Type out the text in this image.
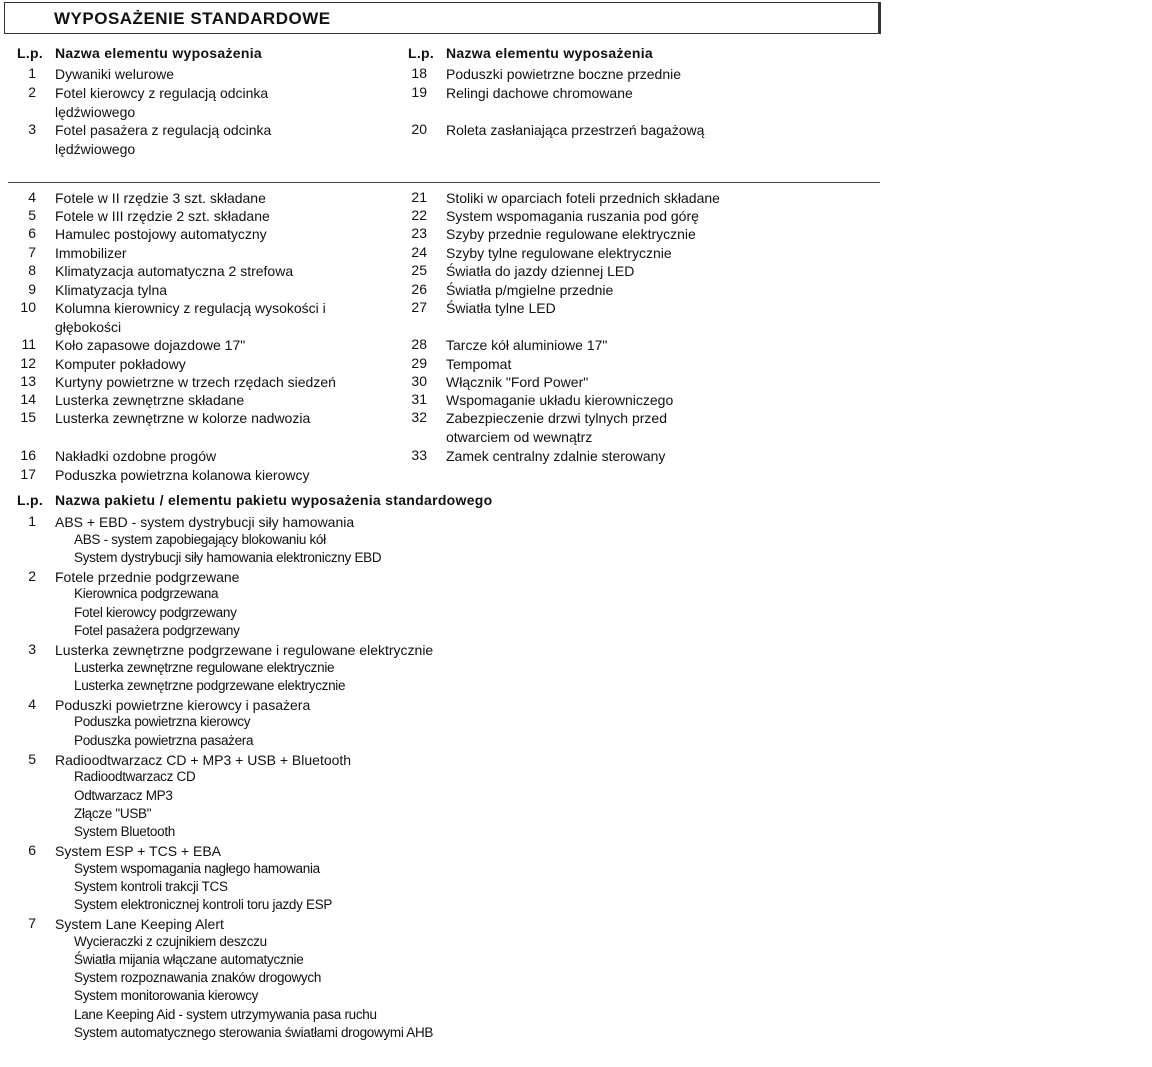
WYPOSAŻENIE STANDARDOWE
L.p. Nazwa elementu wyposażenia	L.p. Nazwa elementu wyposażenia
1 Dywaniki welurowe
2 Fotel kierowcy z regulacją odcinka lędźwiowego
3 Fotel pasażera z regulacją odcinka lędźwiowego
4 Fotele w II rzędzie 3 szt. składane
5 Fotele w III rzędzie 2 szt. składane
6 Hamulec postojowy automatyczny
7 Immobilizer
8 Klimatyzacja automatyczna 2 strefowa
9 Klimatyzacja tylna
10 Kolumna kierownicy z regulacją wysokości i głębokości
11 Koło zapasowe dojazdowe 17"
12 Komputer pokładowy
13 Kurtyny powietrzne w trzech rzędach siedzeń
14 Lusterka zewnętrzne składane
15 Lusterka zewnętrzne w kolorze nadwozia
16 Nakładki ozdobne progów
17 Poduszka powietrzna kolanowa kierowcy
18 Poduszki powietrzne boczne przednie
19 Relingi dachowe chromowane
20 Roleta zasłaniająca przestrzeń bagażową
21 Stoliki w oparciach foteli przednich składane
22 System wspomagania ruszania pod górę
23 Szyby przednie regulowane elektrycznie
24 Szyby tylne regulowane elektrycznie
25 Światła do jazdy dziennej LED
26 Światła p/mgielne przednie
27 Światła tylne LED
28 Tarcze kół aluminiowe 17"
29 Tempomat
30 Włącznik "Ford Power"
31 Wspomaganie układu kierowniczego
32 Zabezpieczenie drzwi tylnych przed otwarciem od wewnątrz
33 Zamek centralny zdalnie sterowany
L.p. Nazwa pakietu / elementu pakietu wyposażenia standardowego
1 ABS + EBD - system dystrybucji siły hamowania
ABS - system zapobiegający blokowaniu kół
System dystrybucji siły hamowania elektroniczny EBD
2 Fotele przednie podgrzewane
Kierownica podgrzewana
Fotel kierowcy podgrzewany
Fotel pasażera podgrzewany
3 Lusterka zewnętrzne podgrzewane i regulowane elektrycznie
Lusterka zewnętrzne regulowane elektrycznie
Lusterka zewnętrzne podgrzewane elektrycznie
4 Poduszki powietrzne kierowcy i pasażera
Poduszka powietrzna kierowcy
Poduszka powietrzna pasażera
5 Radioodtwarzacz CD + MP3 + USB + Bluetooth
Radioodtwarzacz CD
Odtwarzacz MP3
Złącze "USB"
System Bluetooth
6 System ESP + TCS + EBA
System wspomagania nagłego hamowania
System kontroli trakcji TCS
System elektronicznej kontroli toru jazdy ESP
7 System Lane Keeping Alert
Wycieraczki z czujnikiem deszczu
Światła mijania włączane automatycznie
System rozpoznawania znaków drogowych
System monitorowania kierowcy
Lane Keeping Aid - system utrzymywania pasa ruchu
System automatycznego sterowania światłami drogowymi AHB
